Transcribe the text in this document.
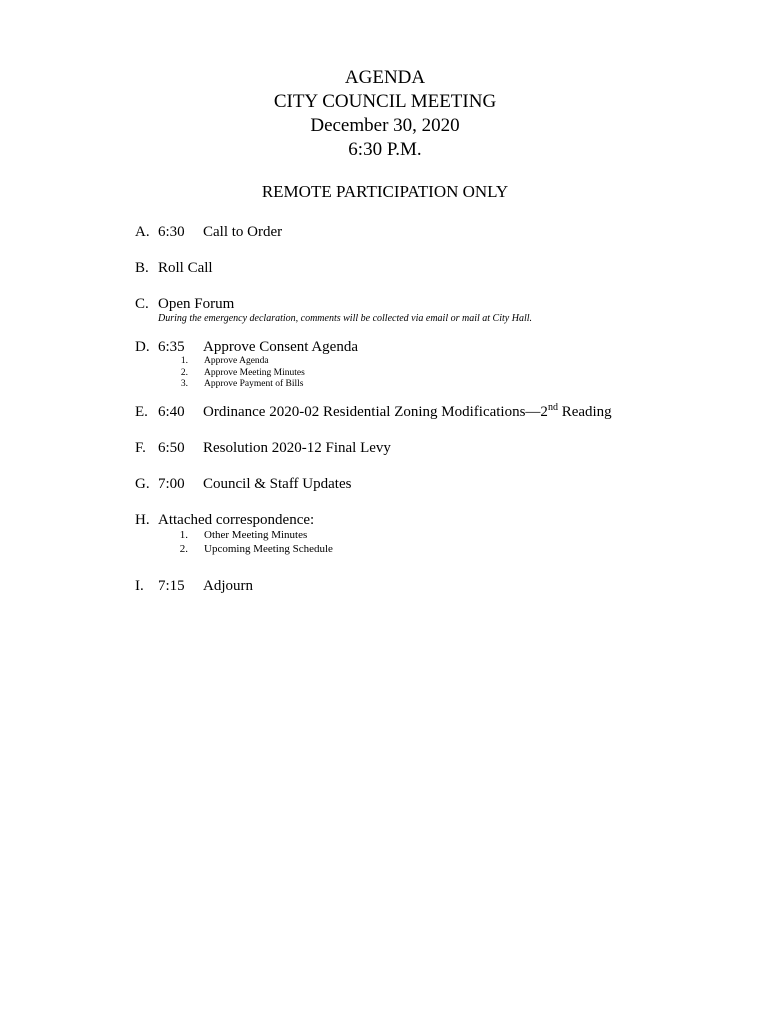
AGENDA
CITY COUNCIL MEETING
December 30, 2020
6:30 P.M.
REMOTE PARTICIPATION ONLY
A. 6:30 Call to Order
B. Roll Call
C. Open Forum
During the emergency declaration, comments will be collected via email or mail at City Hall.
D. 6:35 Approve Consent Agenda
1. Approve Agenda
2. Approve Meeting Minutes
3. Approve Payment of Bills
E. 6:40 Ordinance 2020-02 Residential Zoning Modifications—2nd Reading
F. 6:50 Resolution 2020-12 Final Levy
G. 7:00 Council & Staff Updates
H. Attached correspondence:
1. Other Meeting Minutes
2. Upcoming Meeting Schedule
I. 7:15 Adjourn
